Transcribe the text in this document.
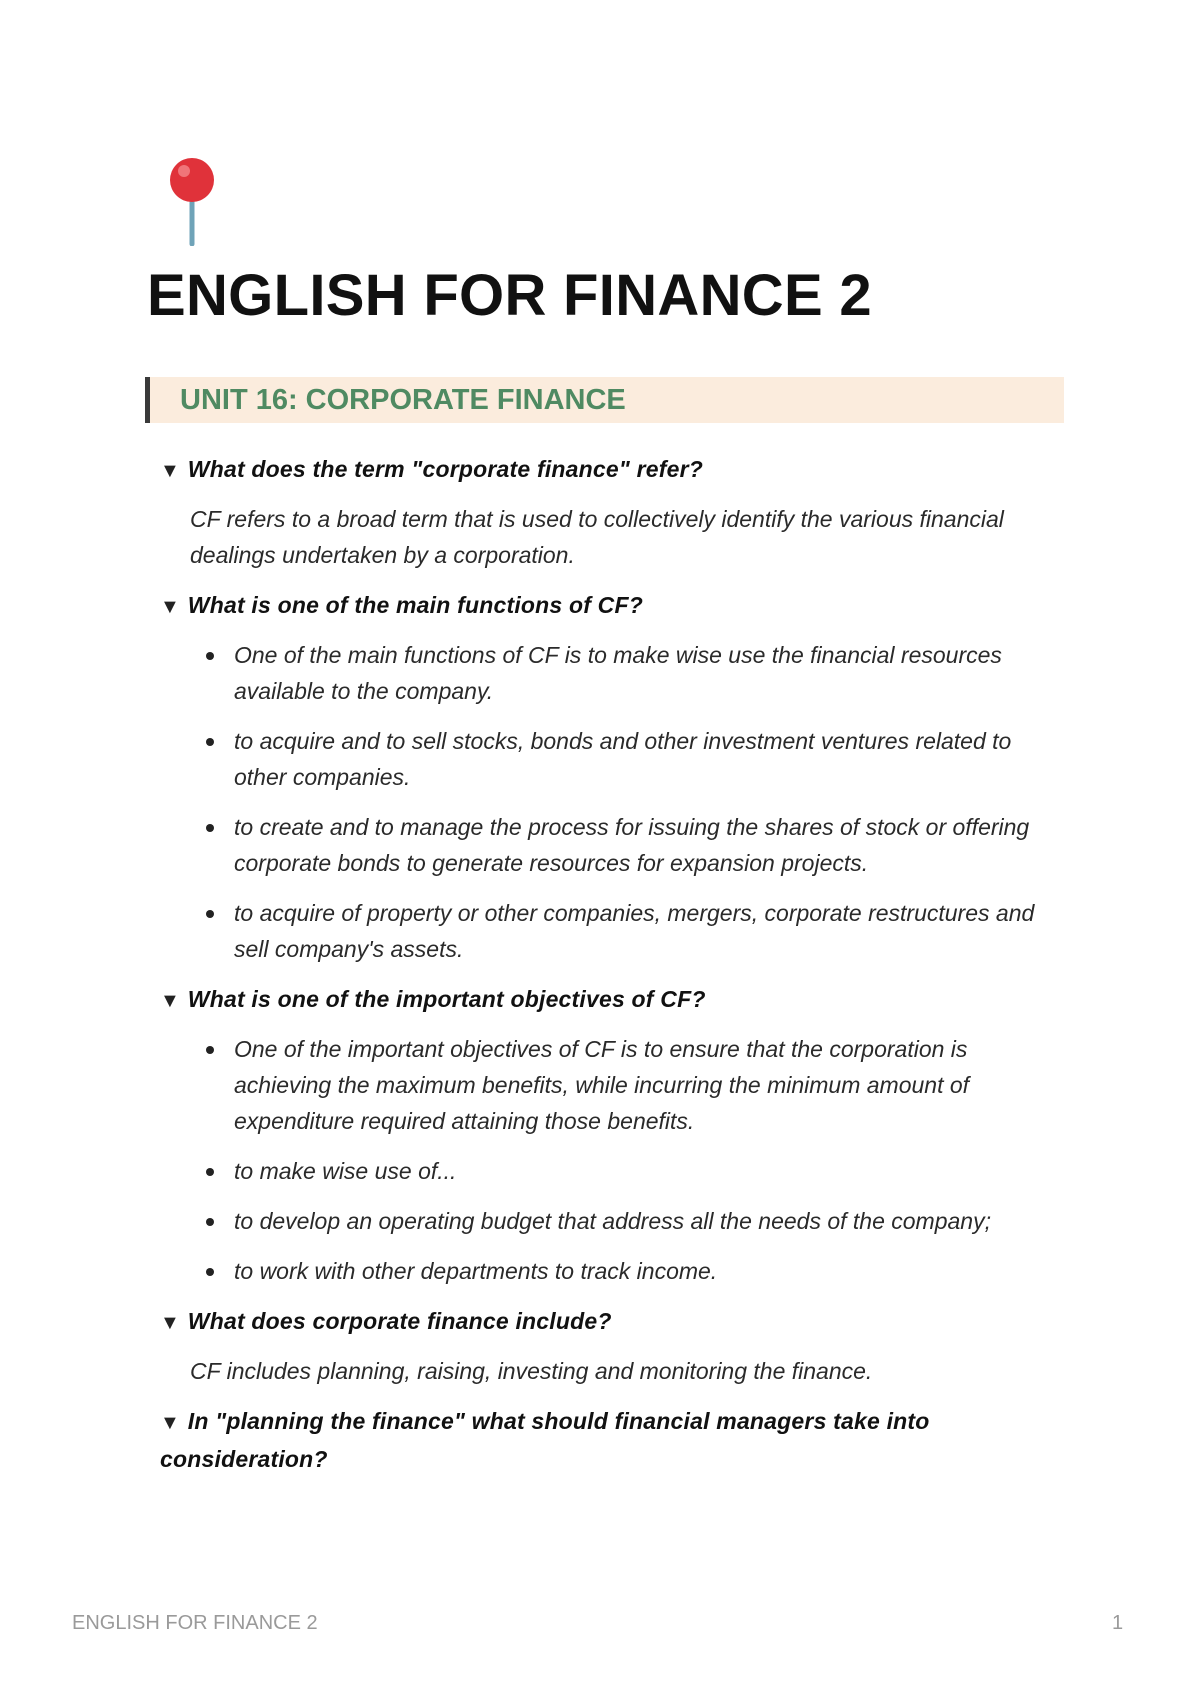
ENGLISH FOR FINANCE 2
UNIT 16: CORPORATE FINANCE
▼ What does the term "corporate finance" refer?
CF refers to a broad term that is used to collectively identify the various financial dealings undertaken by a corporation.
▼ What is one of the main functions of CF?
One of the main functions of CF is to make wise use the financial resources available to the company.
to acquire and to sell stocks, bonds and other investment ventures related to other companies.
to create and to manage the process for issuing the shares of stock or offering corporate bonds to generate resources for expansion projects.
to acquire of property or other companies, mergers, corporate restructures and sell company's assets.
▼ What is one of the important objectives of CF?
One of the important objectives of CF is to ensure that the corporation is achieving the maximum benefits, while incurring the minimum amount of expenditure required attaining those benefits.
to make wise use of...
to develop an operating budget that address all the needs of the company;
to work with other departments to track income.
▼ What does corporate finance include?
CF includes planning, raising, investing and monitoring the finance.
▼ In "planning the finance" what should financial managers take into consideration?
ENGLISH FOR FINANCE 2	1
